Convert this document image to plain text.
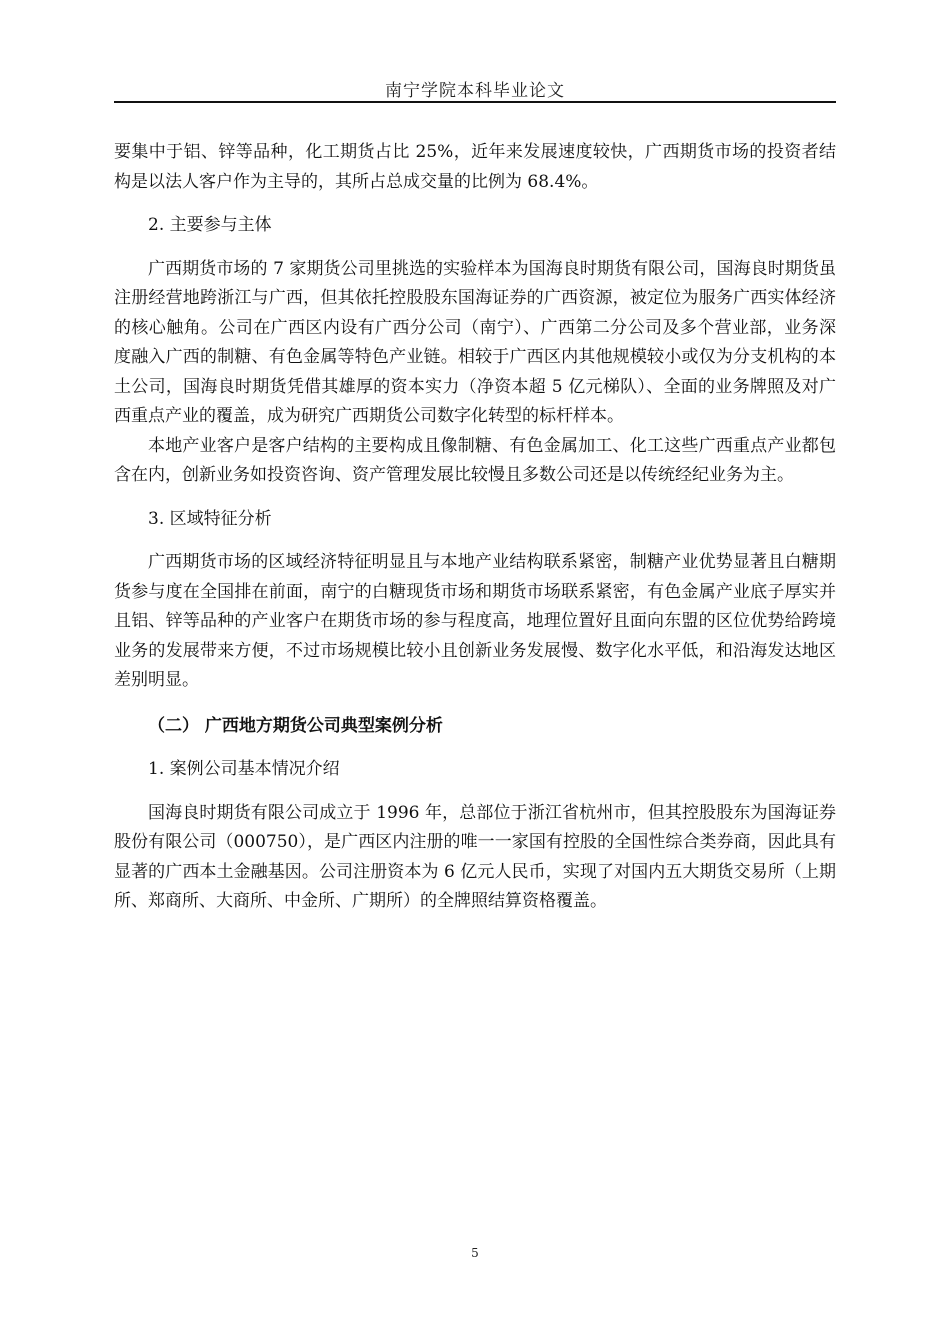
南宁学院本科毕业论文

要集中于铝、锌等品种，化工期货占比 25%，近年来发展速度较快，广西期货市场的投资者结构是以法人客户作为主导的，其所占总成交量的比例为 68.4%。

2. 主要参与主体

广西期货市场的 7 家期货公司里挑选的实验样本为国海良时期货有限公司，国海良时期货虽注册经营地跨浙江与广西，但其依托控股股东国海证券的广西资源，被定位为服务广西实体经济的核心触角。公司在广西区内设有广西分公司（南宁）、广西第二分公司及多个营业部，业务深度融入广西的制糖、有色金属等特色产业链。相较于广西区内其他规模较小或仅为分支机构的本土公司，国海良时期货凭借其雄厚的资本实力（净资本超 5 亿元梯队）、全面的业务牌照及对广西重点产业的覆盖，成为研究广西期货公司数字化转型的标杆样本。

本地产业客户是客户结构的主要构成且像制糖、有色金属加工、化工这些广西重点产业都包含在内，创新业务如投资咨询、资产管理发展比较慢且多数公司还是以传统经纪业务为主。

3. 区域特征分析

广西期货市场的区域经济特征明显且与本地产业结构联系紧密，制糖产业优势显著且白糖期货参与度在全国排在前面，南宁的白糖现货市场和期货市场联系紧密，有色金属产业底子厚实并且铝、锌等品种的产业客户在期货市场的参与程度高，地理位置好且面向东盟的区位优势给跨境业务的发展带来方便，不过市场规模比较小且创新业务发展慢、数字化水平低，和沿海发达地区差别明显。

（二） 广西地方期货公司典型案例分析

1. 案例公司基本情况介绍

国海良时期货有限公司成立于 1996 年，总部位于浙江省杭州市，但其控股股东为国海证券股份有限公司（000750），是广西区内注册的唯一一家国有控股的全国性综合类券商，因此具有显著的广西本土金融基因。公司注册资本为 6 亿元人民币，实现了对国内五大期货交易所（上期所、郑商所、大商所、中金所、广期所）的全牌照结算资格覆盖。

5
